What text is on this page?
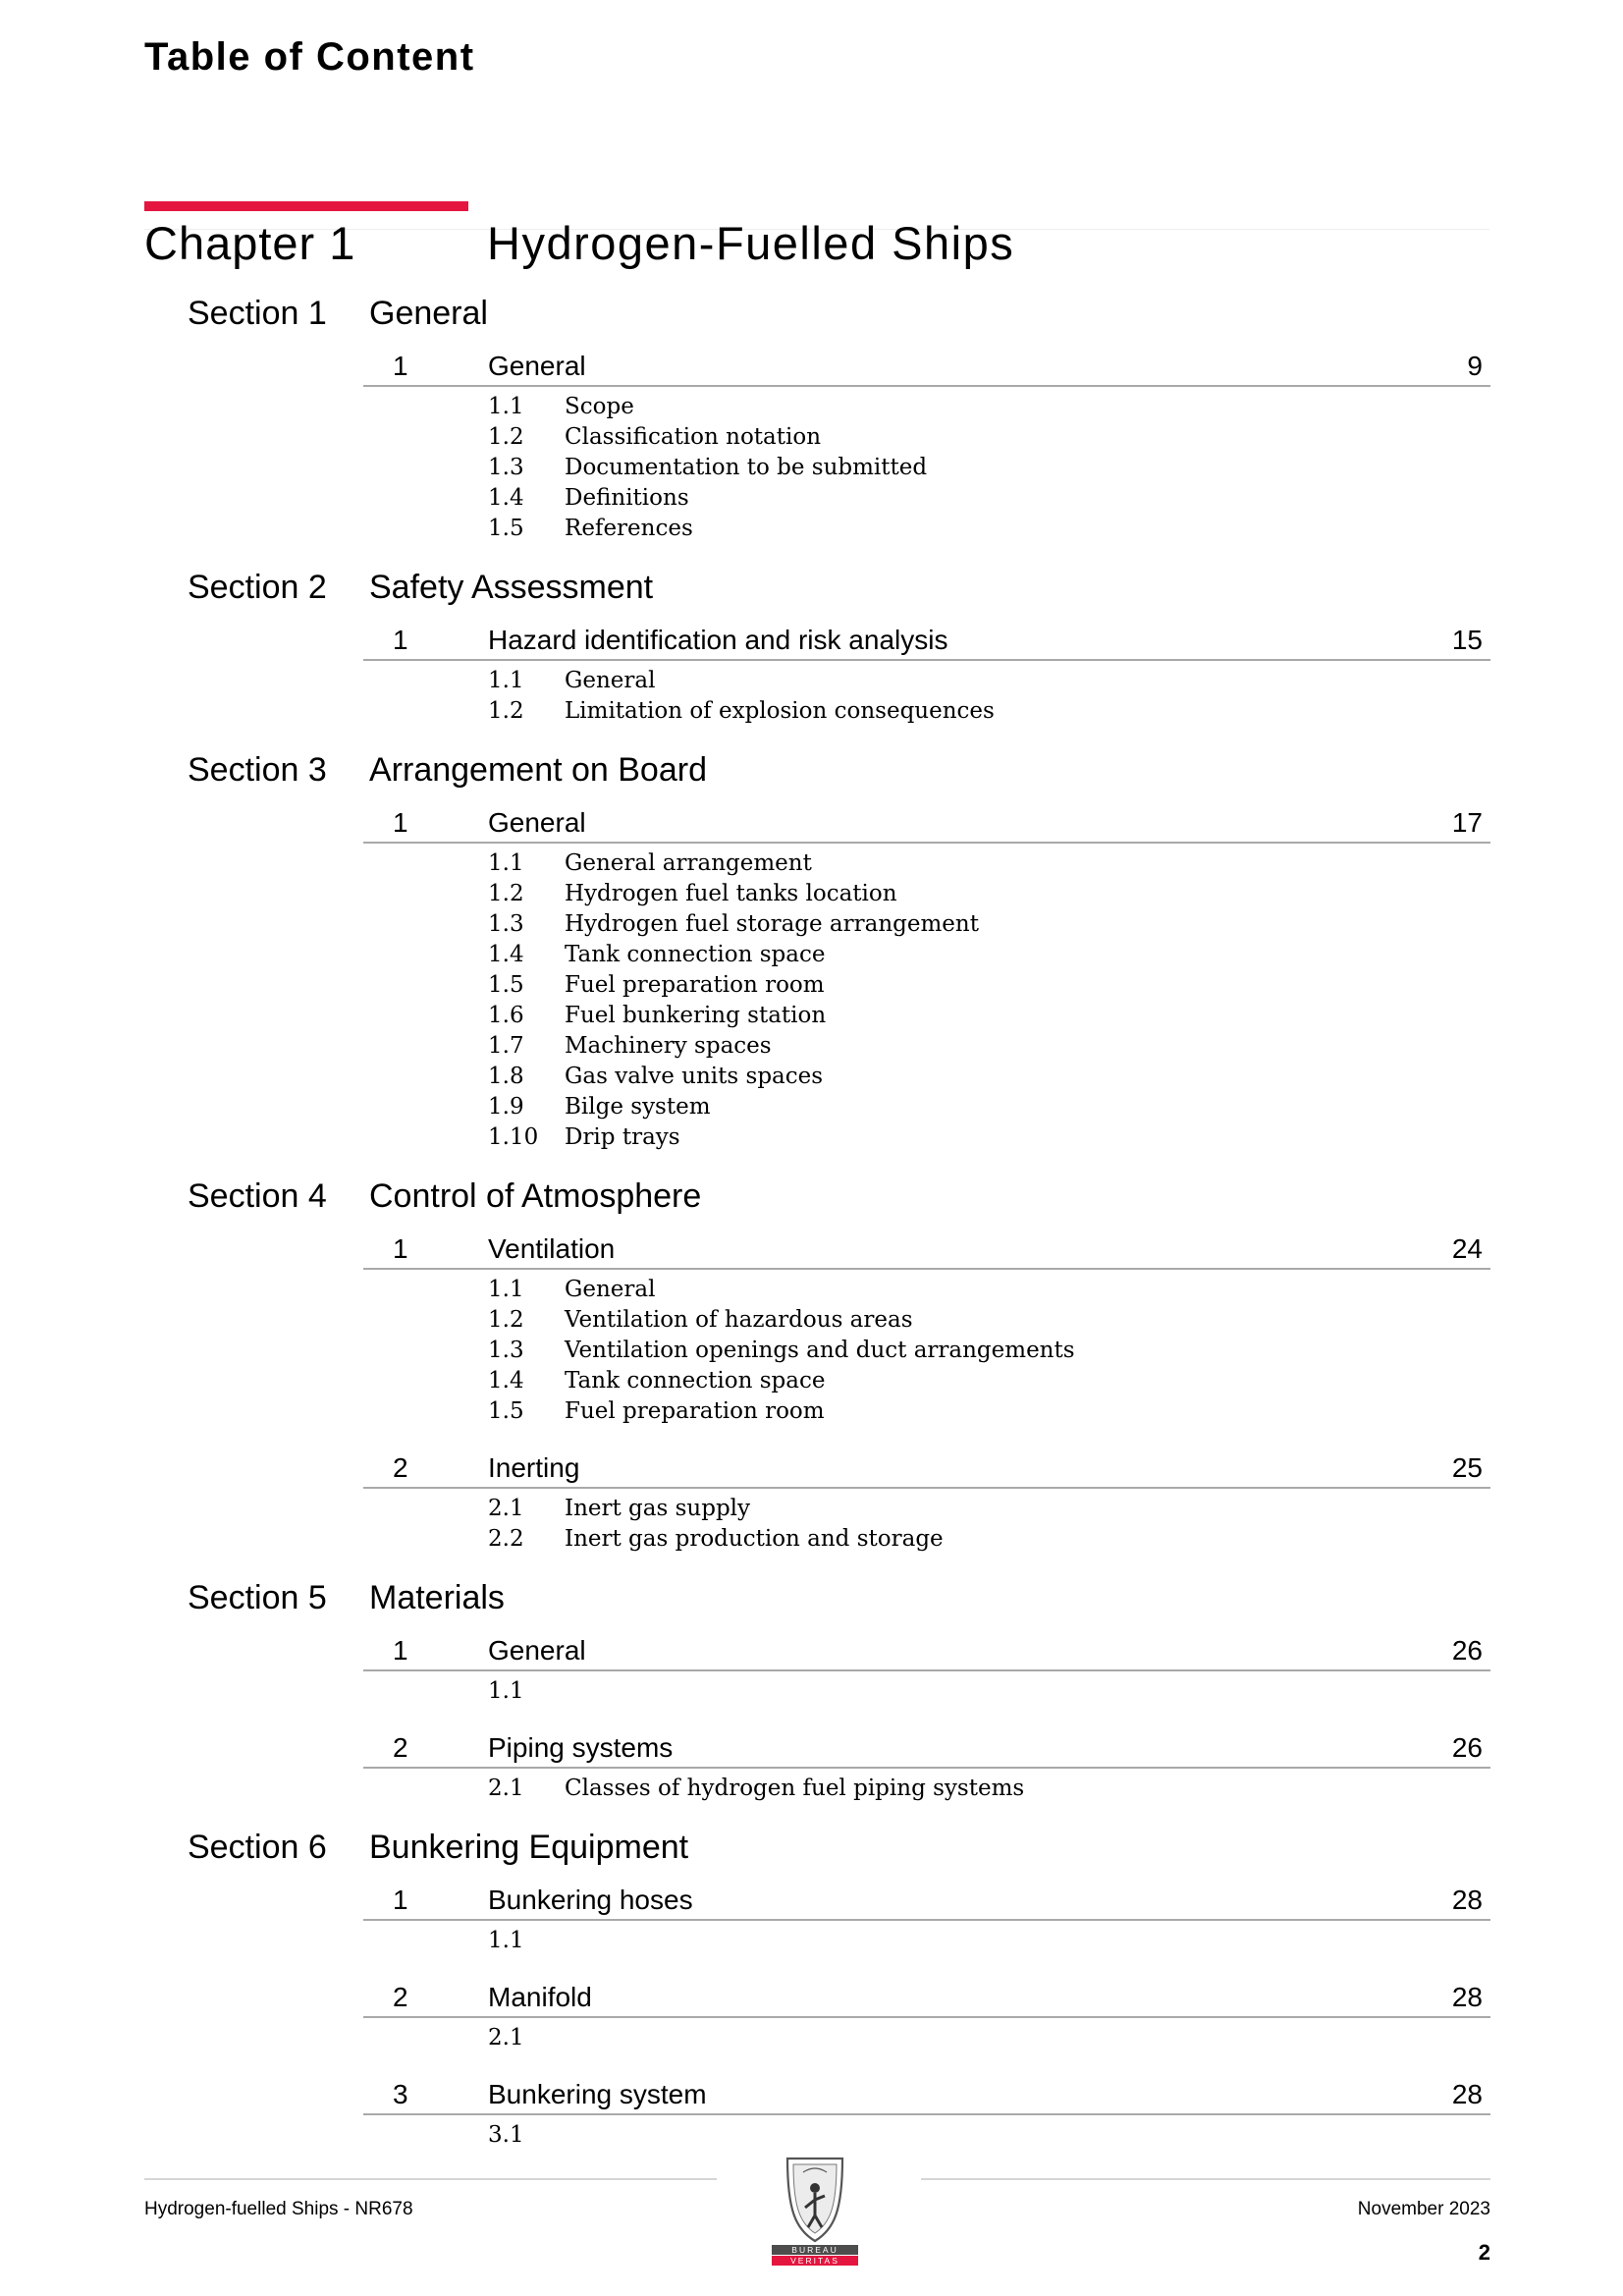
Table of Content
Chapter 1	Hydrogen-Fuelled Ships
Section 1 General
1	General	9
1.1 Scope
1.2 Classification notation
1.3 Documentation to be submitted
1.4 Definitions
1.5 References
Section 2 Safety Assessment
1	Hazard identification and risk analysis	15
1.1 General
1.2 Limitation of explosion consequences
Section 3 Arrangement on Board
1	General	17
1.1 General arrangement
1.2 Hydrogen fuel tanks location
1.3 Hydrogen fuel storage arrangement
1.4 Tank connection space
1.5 Fuel preparation room
1.6 Fuel bunkering station
1.7 Machinery spaces
1.8 Gas valve units spaces
1.9 Bilge system
1.10 Drip trays
Section 4 Control of Atmosphere
1	Ventilation	24
1.1 General
1.2 Ventilation of hazardous areas
1.3 Ventilation openings and duct arrangements
1.4 Tank connection space
1.5 Fuel preparation room
2	Inerting	25
2.1 Inert gas supply
2.2 Inert gas production and storage
Section 5 Materials
1	General	26
1.1
2	Piping systems	26
2.1 Classes of hydrogen fuel piping systems
Section 6 Bunkering Equipment
1	Bunkering hoses	28
1.1
2	Manifold	28
2.1
3	Bunkering system	28
3.1
BUREAU
VERITAS
Hydrogen-fuelled Ships - NR678	November 2023
2
